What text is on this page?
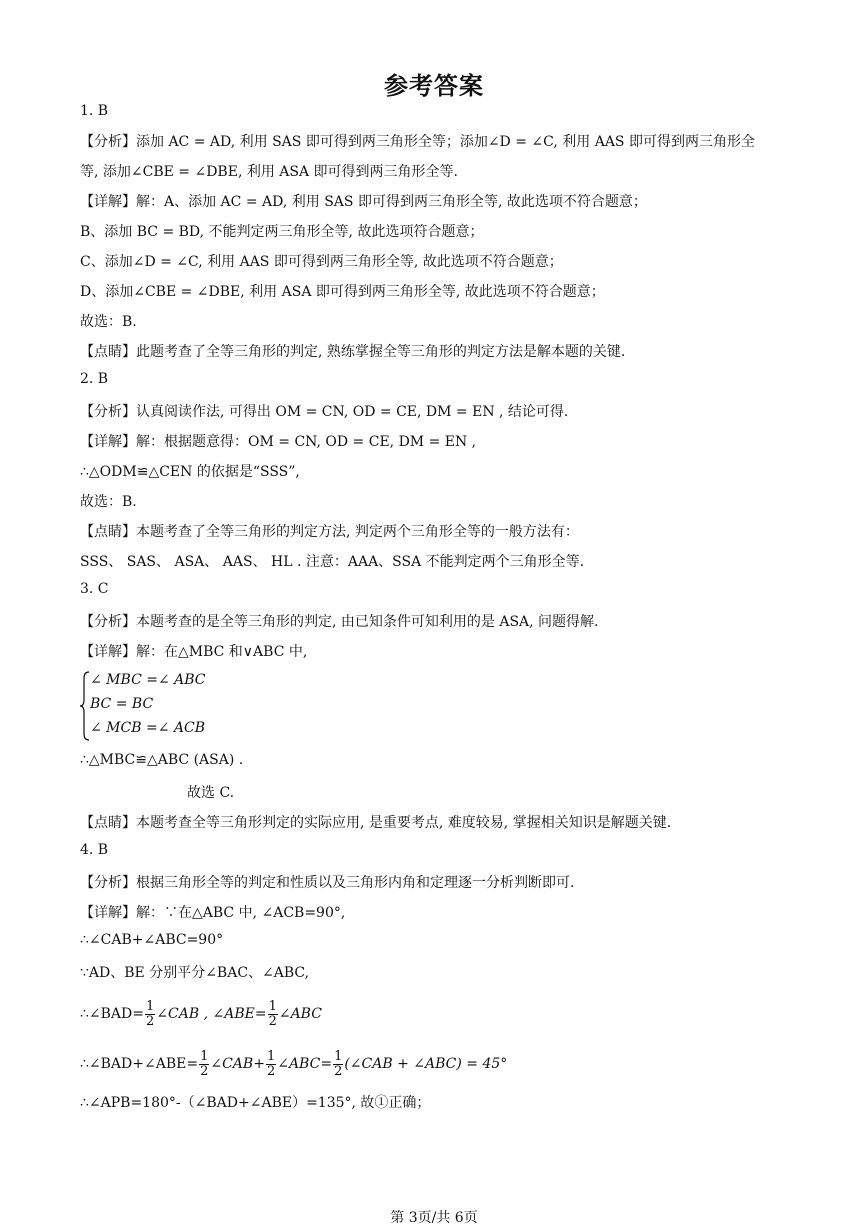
参考答案
1. B
【分析】添加 AC = AD, 利用 SAS 即可得到两三角形全等；添加∠D = ∠C, 利用 AAS 即可得到两三角形全
等, 添加∠CBE = ∠DBE, 利用 ASA 即可得到两三角形全等.
【详解】解：A、添加 AC = AD, 利用 SAS 即可得到两三角形全等, 故此选项不符合题意；
B、添加 BC = BD, 不能判定两三角形全等, 故此选项符合题意；
C、添加∠D = ∠C, 利用 AAS 即可得到两三角形全等, 故此选项不符合题意；
D、添加∠CBE = ∠DBE, 利用 ASA 即可得到两三角形全等, 故此选项不符合题意；
故选：B.
【点睛】此题考查了全等三角形的判定, 熟练掌握全等三角形的判定方法是解本题的关键.
2. B
【分析】认真阅读作法, 可得出 OM = CN, OD = CE, DM = EN , 结论可得.
【详解】解：根据题意得：OM = CN, OD = CE, DM = EN ,
∴△ODM≌△CEN 的依据是“SSS”,
故选：B.
【点睛】本题考查了全等三角形的判定方法, 判定两个三角形全等的一般方法有：
SSS、 SAS、 ASA、 AAS、 HL . 注意：AAA、SSA 不能判定两个三角形全等.
3. C
【分析】本题考查的是全等三角形的判定, 由已知条件可知利用的是 ASA, 问题得解.
【详解】解：在△MBC 和∨ABC 中,
∴△MBC≌△ABC (ASA) .
故选 C.
【点睛】本题考查全等三角形判定的实际应用, 是重要考点, 难度较易, 掌握相关知识是解题关键.
4. B
【分析】根据三角形全等的判定和性质以及三角形内角和定理逐一分析判断即可.
【详解】解：∵在△ABC 中, ∠ACB=90°,
∴∠CAB+∠ABC=90°
∵AD、BE 分别平分∠BAC、∠ABC,
∴∠APB=180°-（∠BAD+∠ABE）=135°, 故①正确；
∠ MBC =∠ ABC
BC = BC
∠ MCB =∠ ACB
∴∠BAD= $\frac{1}{2}$ ∠CAB , ∠ABE= $\frac{1}{2}$ ∠ABC
∴∠BAD+∠ABE= $\frac{1}{2}$ ∠CAB+ $\frac{1}{2}$ ∠ABC= $\frac{1}{2}$ (∠CAB + ∠ABC) = 45°
第 3页/共 6页
